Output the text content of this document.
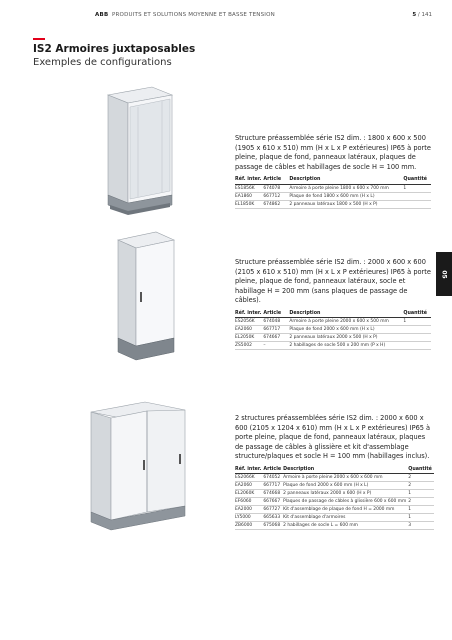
ABB PRODUITS ET SOLUTIONS MOYENNE ET BASSE TENSION	5 / 141
IS2 Armoires juxtaposables
Exemples de configurations
05

Structure préassemblée série IS2 dim. : 1800 x 600 x 500 (1905 x 610 x 510) mm (H x L x P extérieures) IP65 à porte pleine, plaque de fond, panneaux latéraux, plaques de passage de câbles et habillages de socle H = 100 mm.

Réf. inter.	Article	Description	Quantité
ES1856K	674078	Armoire à porte pleine 1800 x 600 x 700 mm	1
EA1860	667712	Plaque de fond 1800 x 600 mm (H x L)	
EL1850K	674862	2 panneaux latéraux 1800 x 500 (H x P)	

Structure préassemblée série IS2 dim. : 2000 x 600 x 600 (2105 x 610 x 510) mm (H x L x P extérieures) IP65 à porte pleine, plaque de fond, panneaux latéraux, socle et habillage H = 200 mm (sans plaques de passage de câbles).

Réf. inter.	Article	Description	Quantité
ES2056K	674048	Armoire à porte pleine 2000 x 600 x 500 mm	1
EA2060	667717	Plaque de fond 2000 x 600 mm (H x L)	
EL2050K	674667	2 panneaux latéraux 2000 x 500 (H x P)	
ZS5002	–	2 habillages de socle 500 x 200 mm (P x H)	

2 structures préassemblées série IS2 dim. : 2000 x 600 x 600 (2105 x 1204 x 610) mm (H x L x P extérieures) IP65 à porte pleine, plaque de fond, panneaux latéraux, plaques de passage de câbles à glissière et kit d'assemblage structure/plaques et socle H = 100 mm (habillages inclus).

Réf. inter.	Article	Description	Quantité
ES2066K	674052	Armoire à porte pleine 2000 x 600 x 600 mm	2
EA2060	667717	Plaque de fond 2000 x 600 mm (H x L)	2
EL2060K	674668	2 panneaux latéraux 2000 x 600 (H x P)	1
EF6060	667667	Plaques de passage de câbles à glissière 600 x 600 mm	2
EA2000	667727	Kit d'assemblage de plaque de fond H = 2000 mm	1
LY5000	665633	Kit d'assemblage d'armoires	1
ZB6000	675068	2 habillages de socle L = 600 mm	3
